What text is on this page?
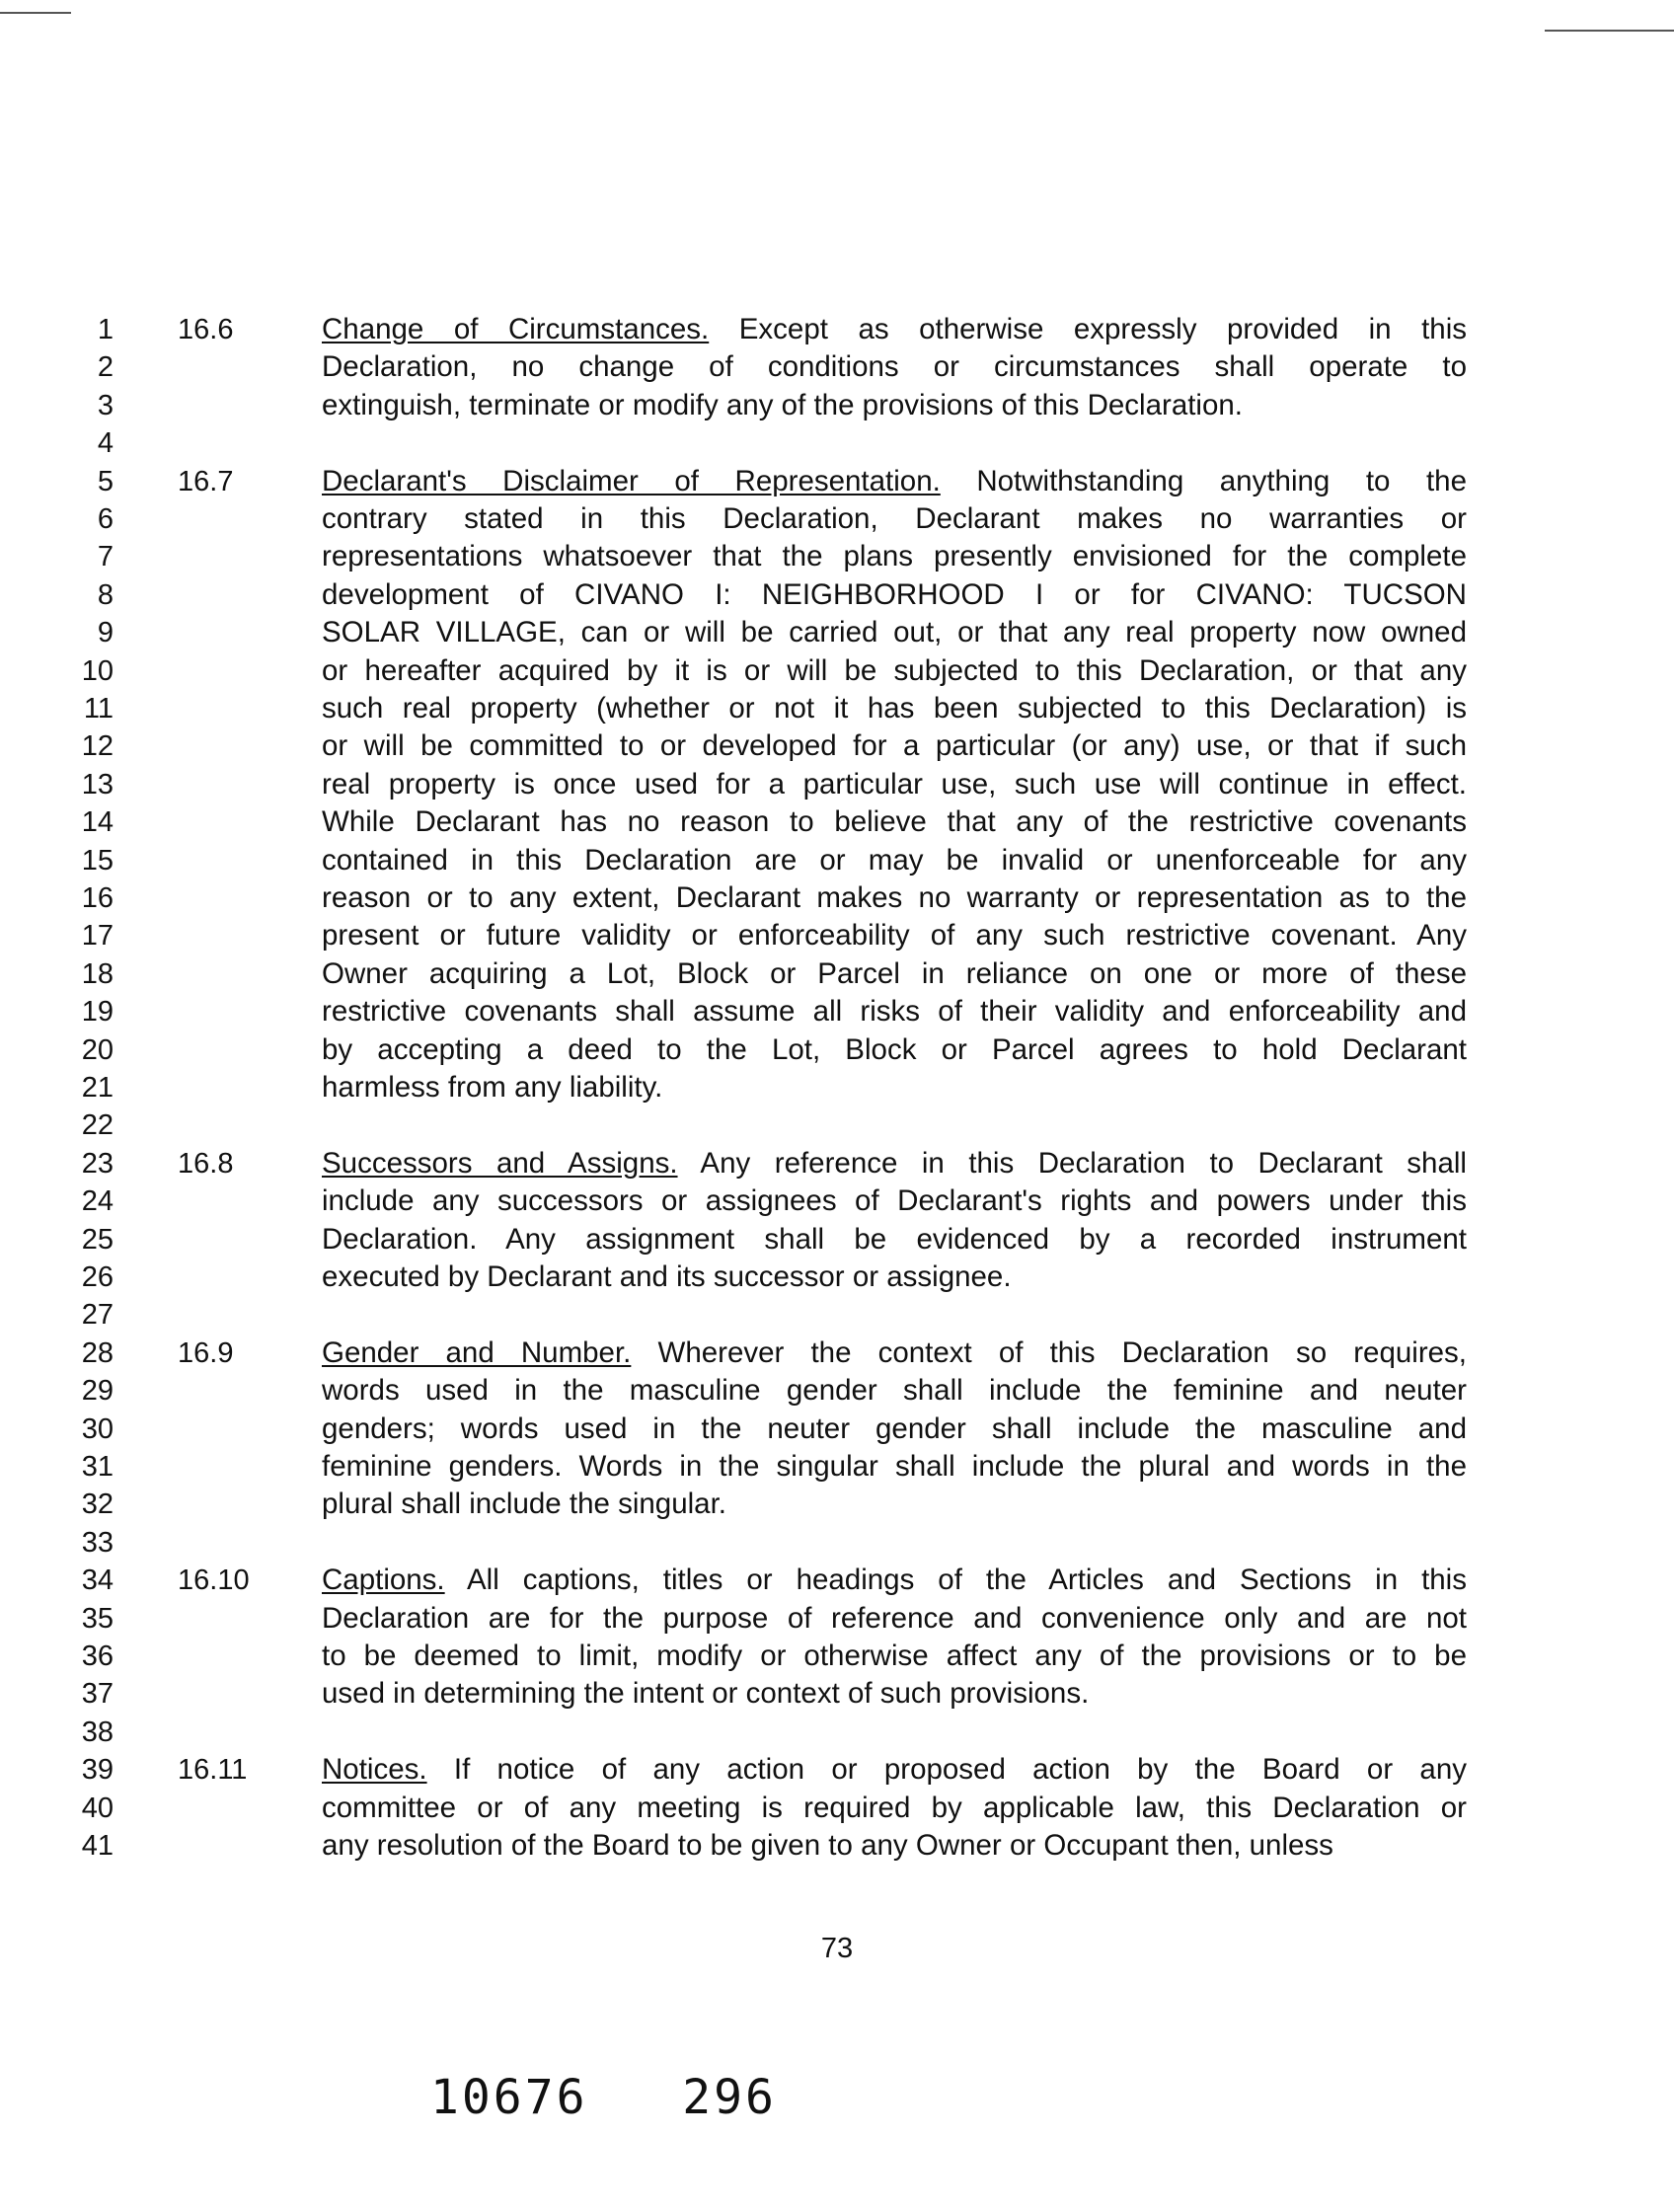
1
2
3
4
5
6
7
8
9
10
11
12
13
14
15
16
17
18
19
20
21
22
23
24
25
26
27
28
29
30
31
32
33
34
35
36
37
38
39
40
41
16.6	Change of Circumstances. Except as otherwise expressly provided in this
Declaration, no change of conditions or circumstances shall operate to
extinguish, terminate or modify any of the provisions of this Declaration.
16.7	Declarant's Disclaimer of Representation. Notwithstanding anything to the
contrary stated in this Declaration, Declarant makes no warranties or
representations whatsoever that the plans presently envisioned for the complete
development of CIVANO I: NEIGHBORHOOD I or for CIVANO: TUCSON
SOLAR VILLAGE, can or will be carried out, or that any real property now owned
or hereafter acquired by it is or will be subjected to this Declaration, or that any
such real property (whether or not it has been subjected to this Declaration) is
or will be committed to or developed for a particular (or any) use, or that if such
real property is once used for a particular use, such use will continue in effect.
While Declarant has no reason to believe that any of the restrictive covenants
contained in this Declaration are or may be invalid or unenforceable for any
reason or to any extent, Declarant makes no warranty or representation as to the
present or future validity or enforceability of any such restrictive covenant. Any
Owner acquiring a Lot, Block or Parcel in reliance on one or more of these
restrictive covenants shall assume all risks of their validity and enforceability and
by accepting a deed to the Lot, Block or Parcel agrees to hold Declarant
harmless from any liability.
16.8	Successors and Assigns. Any reference in this Declaration to Declarant shall
include any successors or assignees of Declarant's rights and powers under this
Declaration. Any assignment shall be evidenced by a recorded instrument
executed by Declarant and its successor or assignee.
16.9	Gender and Number. Wherever the context of this Declaration so requires,
words used in the masculine gender shall include the feminine and neuter
genders; words used in the neuter gender shall include the masculine and
feminine genders. Words in the singular shall include the plural and words in the
plural shall include the singular.
16.10 Captions. All captions, titles or headings of the Articles and Sections in this
Declaration are for the purpose of reference and convenience only and are not
to be deemed to limit, modify or otherwise affect any of the provisions or to be
used in determining the intent or context of such provisions.
16.11	Notices. If notice of any action or proposed action by the Board or any
committee or of any meeting is required by applicable law, this Declaration or
any resolution of the Board to be given to any Owner or Occupant then, unless
73
10676 296
